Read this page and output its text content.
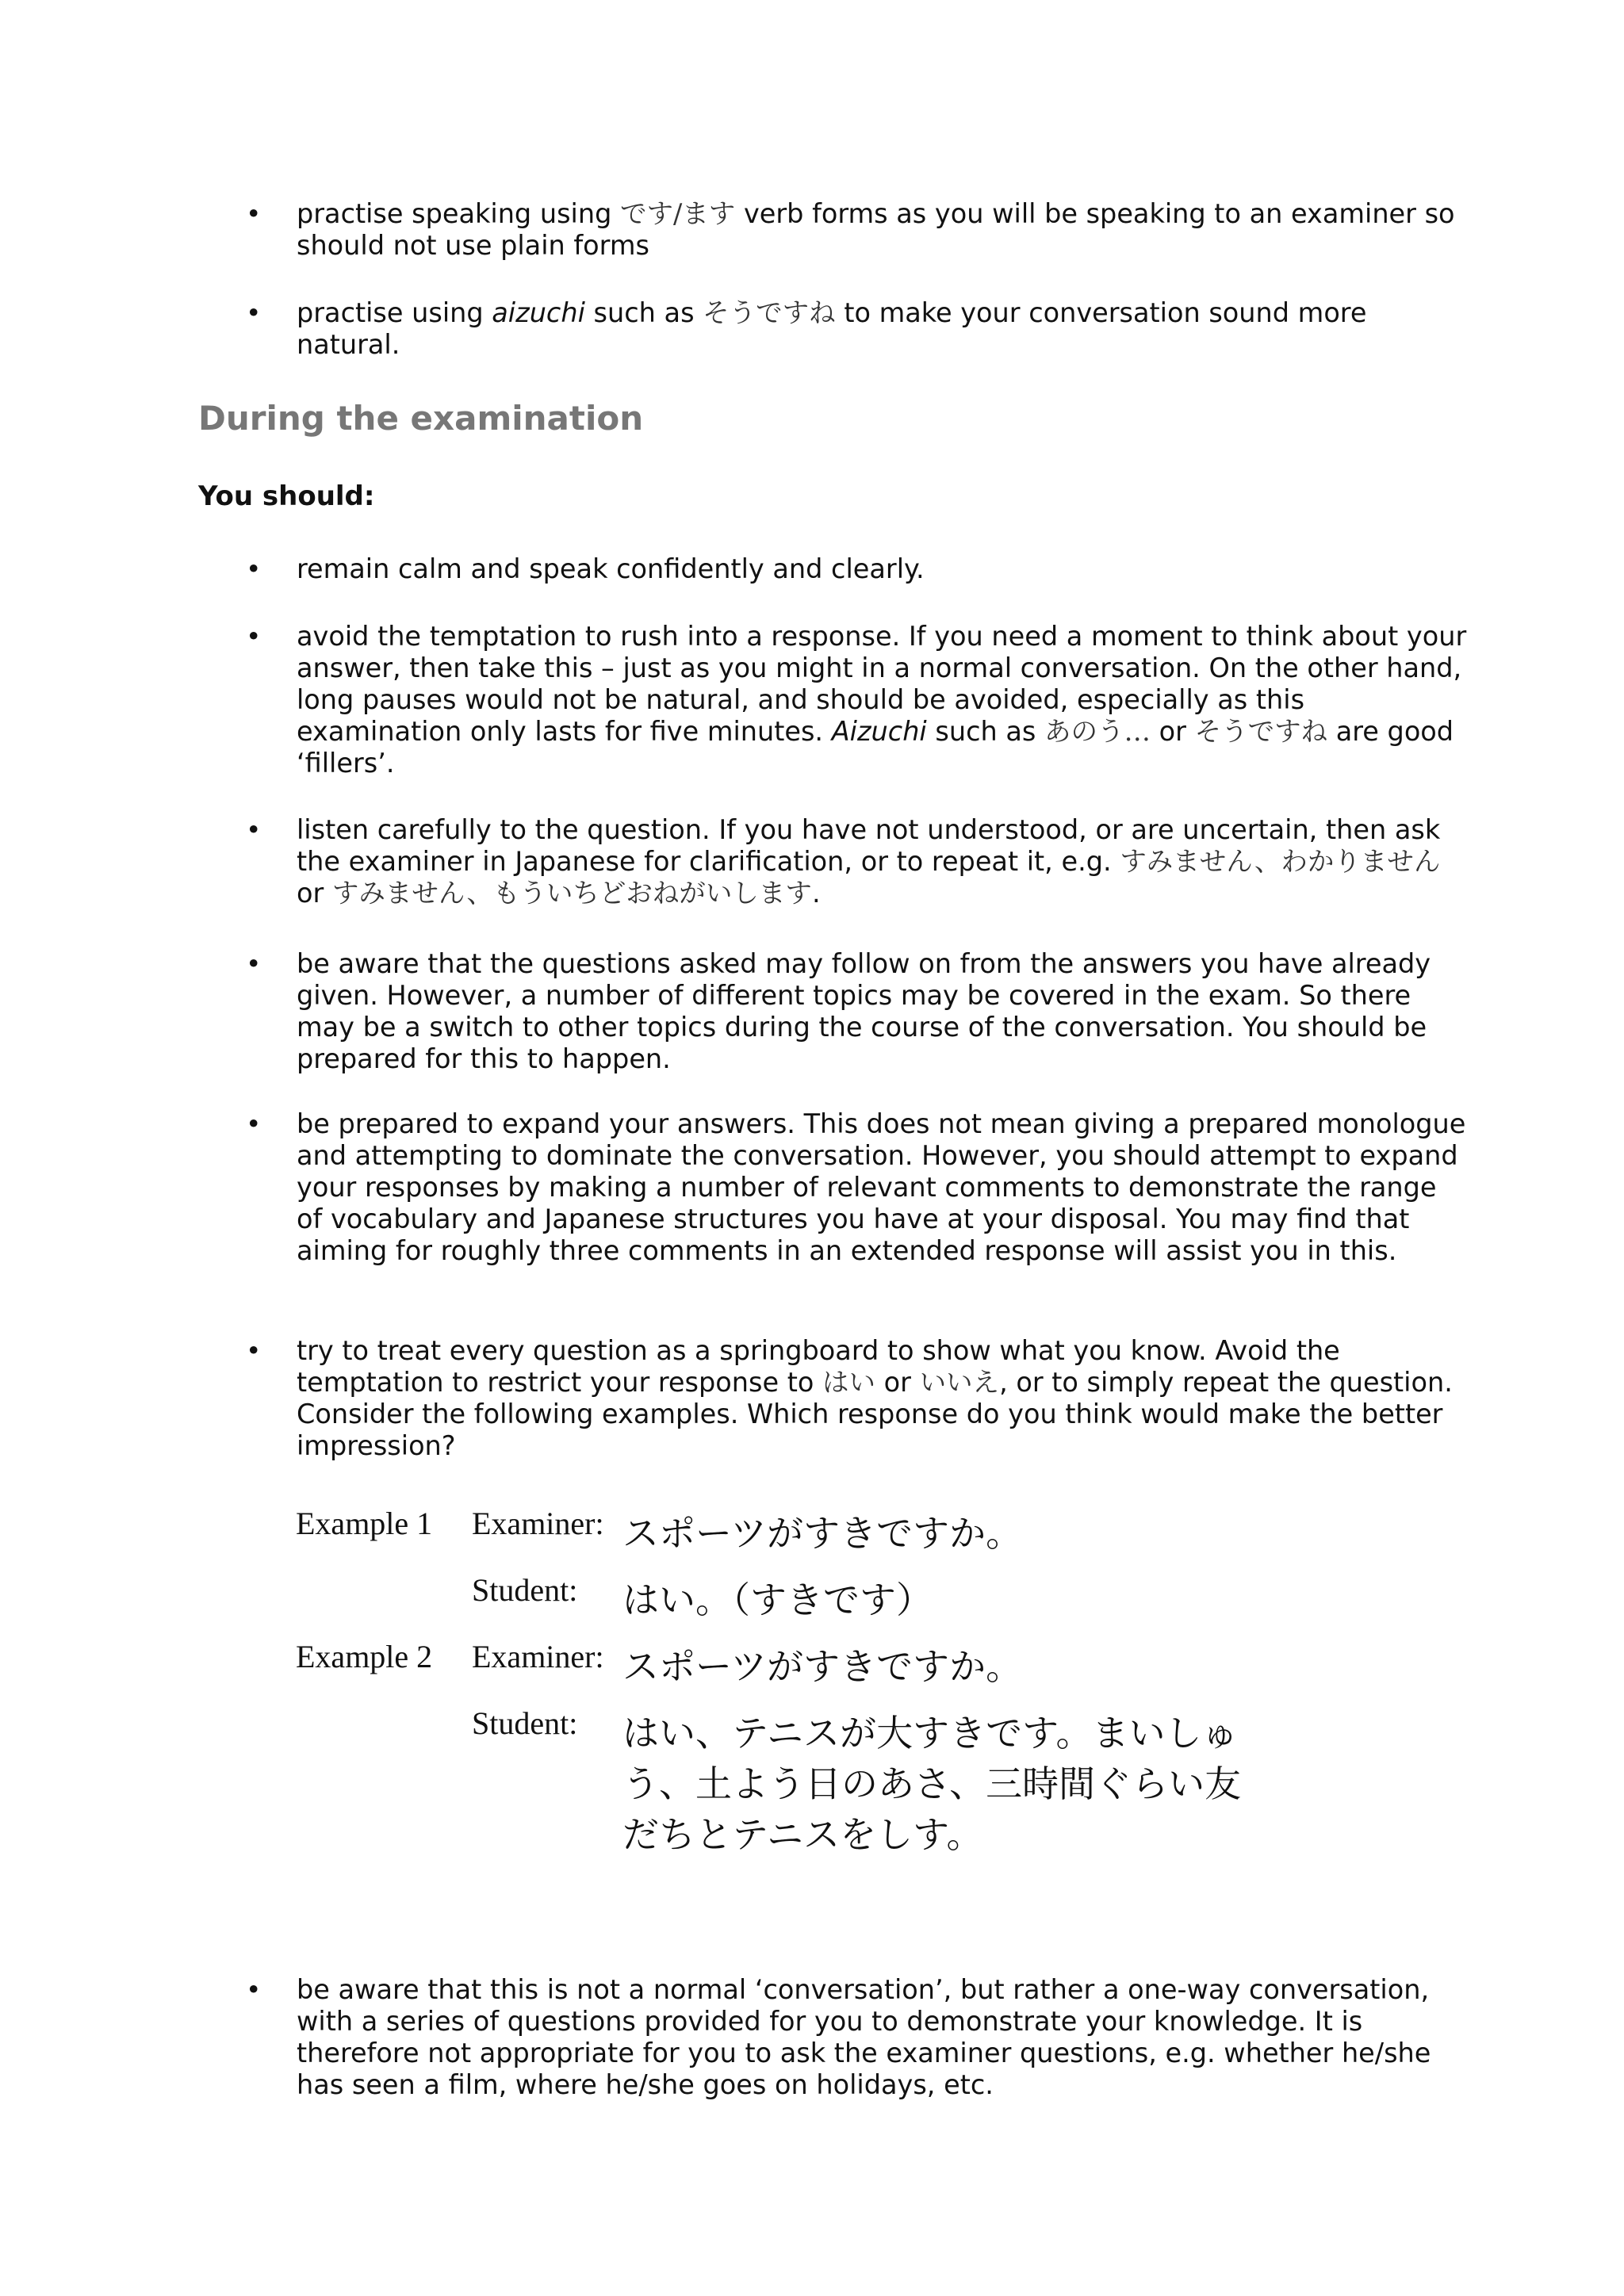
• practise speaking using です/ます verb forms as you will be speaking to an examiner so should not use plain forms
• practise using aizuchi such as そうですね to make your conversation sound more natural.
During the examination
You should:
• remain calm and speak confidently and clearly.
• avoid the temptation to rush into a response. If you need a moment to think about your answer, then take this – just as you might in a normal conversation. On the other hand, long pauses would not be natural, and should be avoided, especially as this examination only lasts for five minutes. Aizuchi such as あのう… or そうですね are good ‘fillers’.
• listen carefully to the question. If you have not understood, or are uncertain, then ask the examiner in Japanese for clarification, or to repeat it, e.g. すみません、わかりません or すみません、もういちどおねがいします.
• be aware that the questions asked may follow on from the answers you have already given. However, a number of different topics may be covered in the exam. So there may be a switch to other topics during the course of the conversation. You should be prepared for this to happen.
• be prepared to expand your answers. This does not mean giving a prepared monologue and attempting to dominate the conversation. However, you should attempt to expand your responses by making a number of relevant comments to demonstrate the range of vocabulary and Japanese structures you have at your disposal. You may find that aiming for roughly three comments in an extended response will assist you in this.
• try to treat every question as a springboard to show what you know. Avoid the temptation to restrict your response to はい or いいえ, or to simply repeat the question. Consider the following examples. Which response do you think would make the better impression?
Example 1 Examiner: スポーツがすきですか。
Student: はい。（すきです）
Example 2 Examiner: スポーツがすきですか。
Student: はい、テニスが大すきです。まいしゅう、土よう日のあさ、三時間ぐらい友だちとテニスをしす。
• be aware that this is not a normal ‘conversation’, but rather a one-way conversation, with a series of questions provided for you to demonstrate your knowledge. It is therefore not appropriate for you to ask the examiner questions, e.g. whether he/she has seen a film, where he/she goes on holidays, etc.
